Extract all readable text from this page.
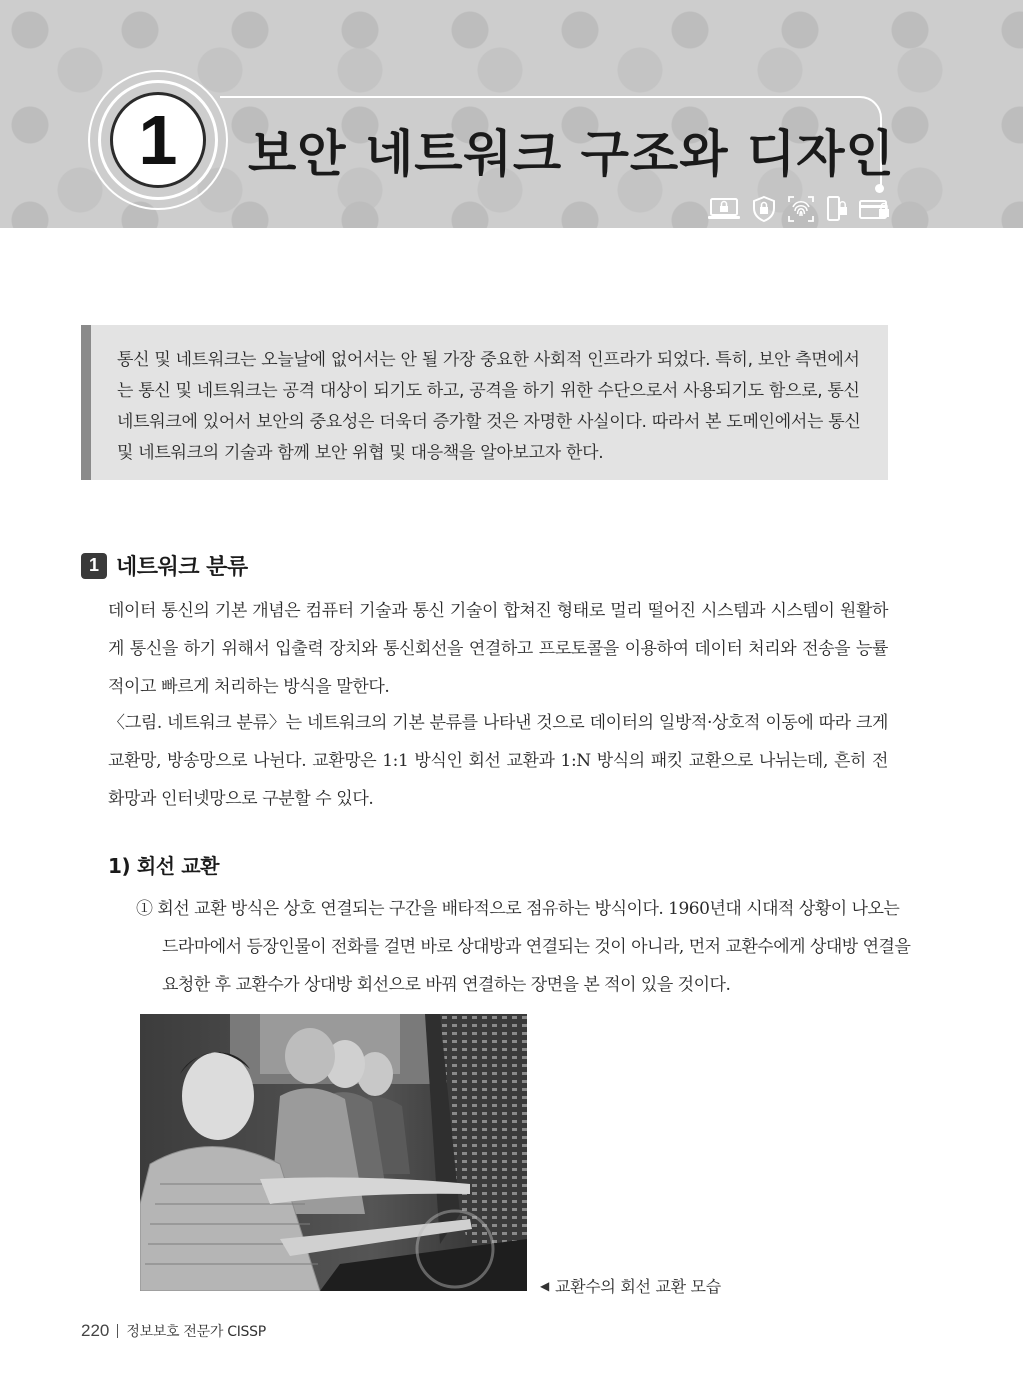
1 보안 네트워크 구조와 디자인

통신 및 네트워크는 오늘날에 없어서는 안 될 가장 중요한 사회적 인프라가 되었다. 특히, 보안 측면에서는 통신 및 네트워크는 공격 대상이 되기도 하고, 공격을 하기 위한 수단으로서 사용되기도 함으로, 통신 네트워크에 있어서 보안의 중요성은 더욱더 증가할 것은 자명한 사실이다. 따라서 본 도메인에서는 통신 및 네트워크의 기술과 함께 보안 위협 및 대응책을 알아보고자 한다.

1 네트워크 분류

데이터 통신의 기본 개념은 컴퓨터 기술과 통신 기술이 합쳐진 형태로 멀리 떨어진 시스템과 시스템이 원활하게 통신을 하기 위해서 입출력 장치와 통신회선을 연결하고 프로토콜을 이용하여 데이터 처리와 전송을 능률적이고 빠르게 처리하는 방식을 말한다.

〈그림. 네트워크 분류〉는 네트워크의 기본 분류를 나타낸 것으로 데이터의 일방적·상호적 이동에 따라 크게 교환망, 방송망으로 나뉜다. 교환망은 1:1 방식인 회선 교환과 1:N 방식의 패킷 교환으로 나뉘는데, 흔히 전화망과 인터넷망으로 구분할 수 있다.

1) 회선 교환

① 회선 교환 방식은 상호 연결되는 구간을 배타적으로 점유하는 방식이다. 1960년대 시대적 상황이 나오는 드라마에서 등장인물이 전화를 걸면 바로 상대방과 연결되는 것이 아니라, 먼저 교환수에게 상대방 연결을 요청한 후 교환수가 상대방 회선으로 바꿔 연결하는 장면을 본 적이 있을 것이다.

◀ 교환수의 회선 교환 모습
220 정보보호 전문가 CISSP
